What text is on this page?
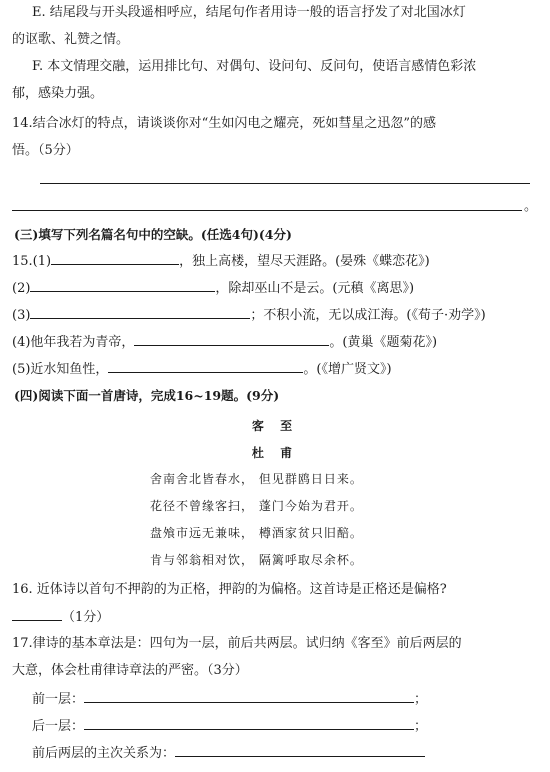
E. 结尾段与开头段遥相呼应，结尾句作者用诗一般的语言抒发了对北国冰灯
的讴歌、礼赞之情。
F. 本文情理交融，运用排比句、对偶句、设问句、反问句，使语言感情色彩浓
郁，感染力强。
14.结合冰灯的特点，请谈谈你对“生如闪电之耀亮，死如彗星之迅忽”的感
悟。（5分）
。
(三)填写下列名篇名句中的空缺。(任选4句)(4分)
15.(1)	，独上高楼，望尽天涯路。(晏殊《蝶恋花》)
(2)	，除却巫山不是云。(元稹《离思》)
(3)	；不积小流，无以成江海。(《荀子·劝学》)
(4)他年我若为青帝，	。(黄巢《题菊花》)
(5)近水知鱼性，	。(《增广贤文》)
(四)阅读下面一首唐诗，完成16~19题。(9分)
客 至
杜 甫
舍南舍北皆春水， 但见群鸥日日来。
花径不曾缘客扫， 蓬门今始为君开。
盘飧市远无兼味， 樽酒家贫只旧醅。
肯与邻翁相对饮， 隔篱呼取尽余杯。
16. 近体诗以首句不押韵的为正格，押韵的为偏格。这首诗是正格还是偏格?
（1分）
17.律诗的基本章法是：四句为一层，前后共两层。试归纳《客至》前后两层的
大意，体会杜甫律诗章法的严密。（3分）
前一层：	；
后一层：	；
前后两层的主次关系为：
